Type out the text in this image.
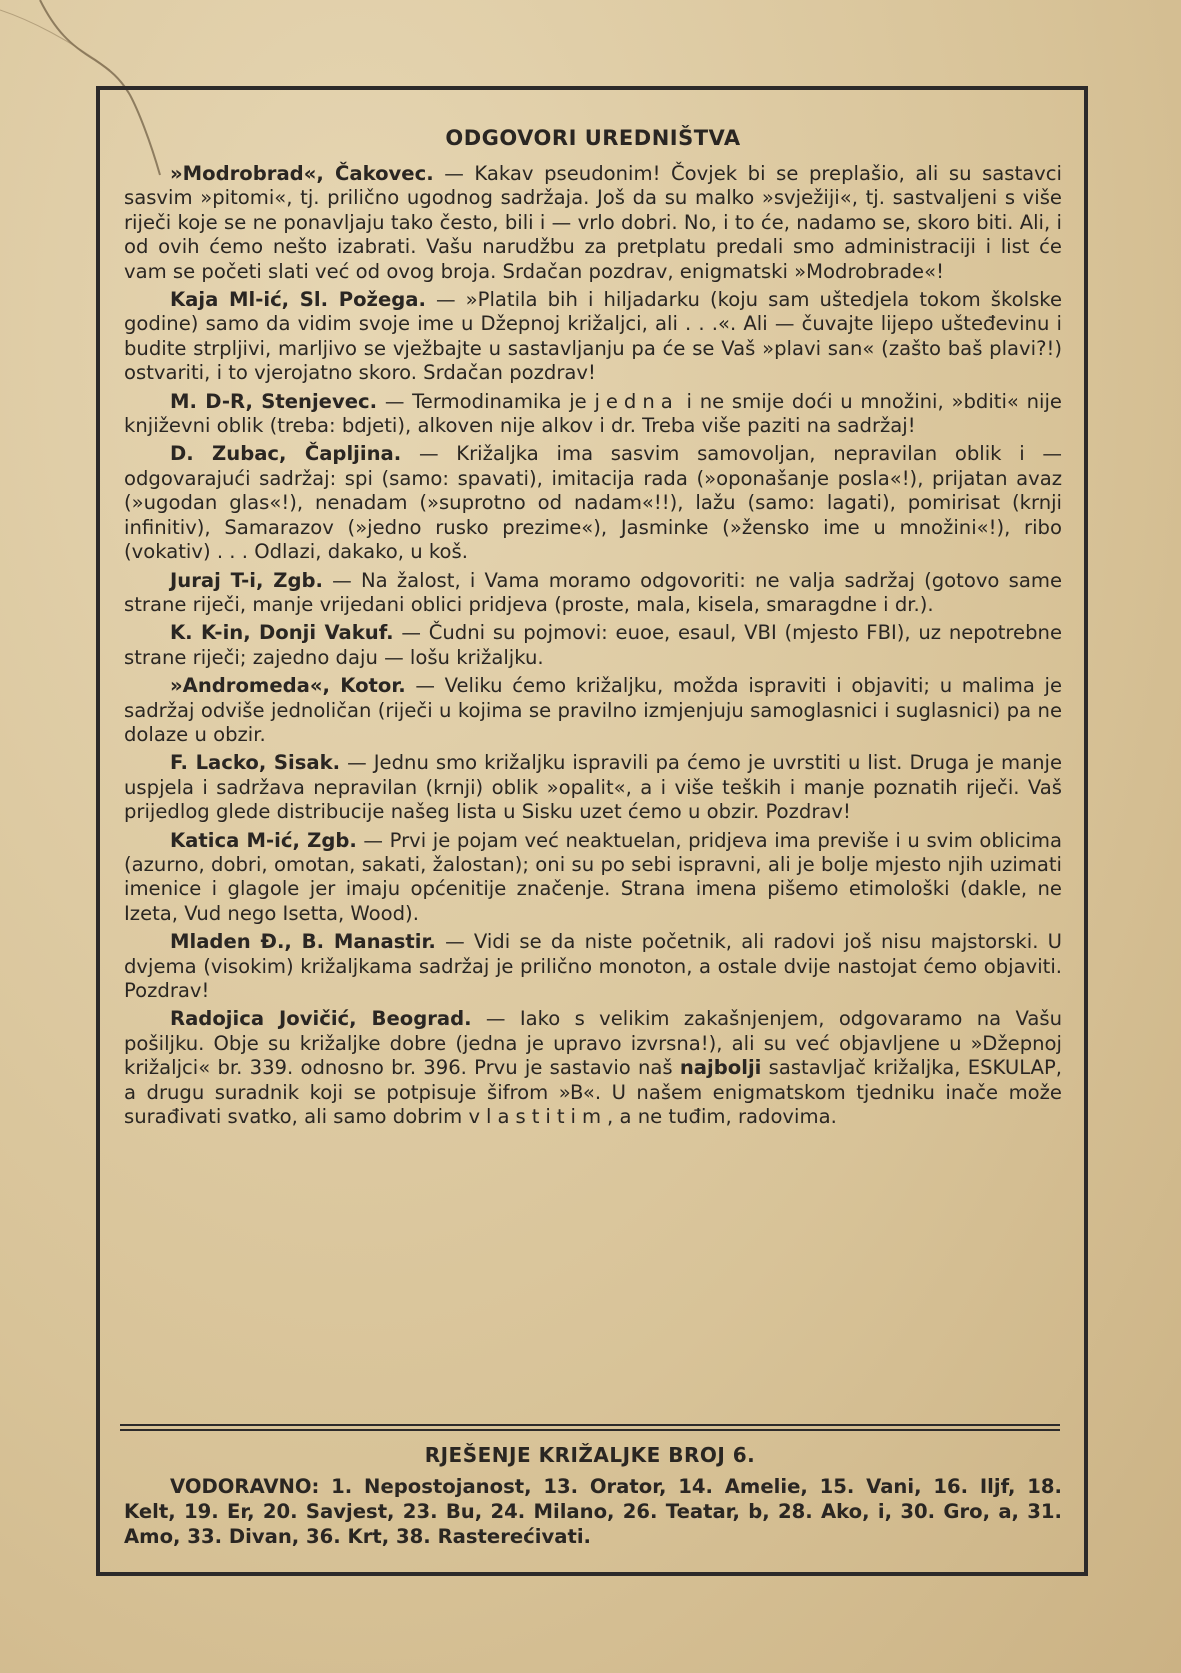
ODGOVORI UREDNIŠTVA

»Modrobrad«, Čakovec. — Kakav pseudonim! Čovjek bi se preplašio, ali su sastavci sasvim »pitomi«, tj. prilično ugodnog sadržaja. Još da su malko »svježiji«, tj. sastvaljeni s više riječi koje se ne ponavljaju tako često, bili i — vrlo dobri. No, i to će, nadamo se, skoro biti. Ali, i od ovih ćemo nešto izabrati. Vašu narudžbu za pretplatu predali smo administraciji i list će vam se početi slati već od ovog broja. Srdačan pozdrav, enigmatski »Modrobrade«!

Kaja Ml-ić, Sl. Požega. — »Platila bih i hiljadarku (koju sam uštedjela tokom školske godine) samo da vidim svoje ime u Džepnoj križaljci, ali . . .«. Ali — čuvajte lijepo ušteđevinu i budite strpljivi, marljivo se vježbajte u sastavljanju pa će se Vaš »plavi san« (zašto baš plavi?!) ostvariti, i to vjerojatno skoro. Srdačan pozdrav!

M. D-R, Stenjevec. — Termodinamika je jedna i ne smije doći u množini, »bditi« nije književni oblik (treba: bdjeti), alkoven nije alkov i dr. Treba više paziti na sadržaj!

D. Zubac, Čapljina. — Križaljka ima sasvim samovoljan, nepravilan oblik i — odgovarajući sadržaj: spi (samo: spavati), imitacija rada (»oponašanje posla«!), prijatan avaz (»ugodan glas«!), nenadam (»suprotno od nadam«!!), lažu (samo: lagati), pomirisat (krnji infinitiv), Samarazov (»jedno rusko prezime«), Jasminke (»žensko ime u množini«!), ribo (vokativ) . . . Odlazi, dakako, u koš.

Juraj T-i, Zgb. — Na žalost, i Vama moramo odgovoriti: ne valja sadržaj (gotovo same strane riječi, manje vrijedani oblici pridjeva (proste, mala, kisela, smaragdne i dr.).

K. K-in, Donji Vakuf. — Čudni su pojmovi: euoe, esaul, VBI (mjesto FBI), uz nepotrebne strane riječi; zajedno daju — lošu križaljku.

»Andromeda«, Kotor. — Veliku ćemo križaljku, možda ispraviti i objaviti; u malima je sadržaj odviše jednoličan (riječi u kojima se pravilno izmjenjuju samoglasnici i suglasnici) pa ne dolaze u obzir.

F. Lacko, Sisak. — Jednu smo križaljku ispravili pa ćemo je uvrstiti u list. Druga je manje uspjela i sadržava nepravilan (krnji) oblik »opalit«, a i više teških i manje poznatih riječi. Vaš prijedlog glede distribucije našeg lista u Sisku uzet ćemo u obzir. Pozdrav!

Katica M-ić, Zgb. — Prvi je pojam već neaktuelan, pridjeva ima previše i u svim oblicima (azurno, dobri, omotan, sakati, žalostan); oni su po sebi ispravni, ali je bolje mjesto njih uzimati imenice i glagole jer imaju općenitije značenje. Strana imena pišemo etimološki (dakle, ne Izeta, Vud nego Isetta, Wood).

Mladen Đ., B. Manastir. — Vidi se da niste početnik, ali radovi još nisu majstorski. U dvjema (visokim) križaljkama sadržaj je prilično monoton, a ostale dvije nastojat ćemo objaviti. Pozdrav!

Radojica Jovičić, Beograd. — Iako s velikim zakašnjenjem, odgovaramo na Vašu pošiljku. Obje su križaljke dobre (jedna je upravo izvrsna!), ali su već objavljene u »Džepnoj križaljci« br. 339. odnosno br. 396. Prvu je sastavio naš najbolji sastavljač križaljka, ESKULAP, a drugu suradnik koji se potpisuje šifrom »B«. U našem enigmatskom tjedniku inače može surađivati svatko, ali samo dobrim vlastitim, a ne tuđim, radovima.

RJEŠENJE KRIŽALJKE BROJ 6.
VODORAVNO: 1. Nepostojanost, 13. Orator, 14. Amelie, 15. Vani, 16. Iljf, 18. Kelt, 19. Er, 20. Savjest, 23. Bu, 24. Milano, 26. Teatar, b, 28. Ako, i, 30. Gro, a, 31. Amo, 33. Divan, 36. Krt, 38. Rasterećivati.
